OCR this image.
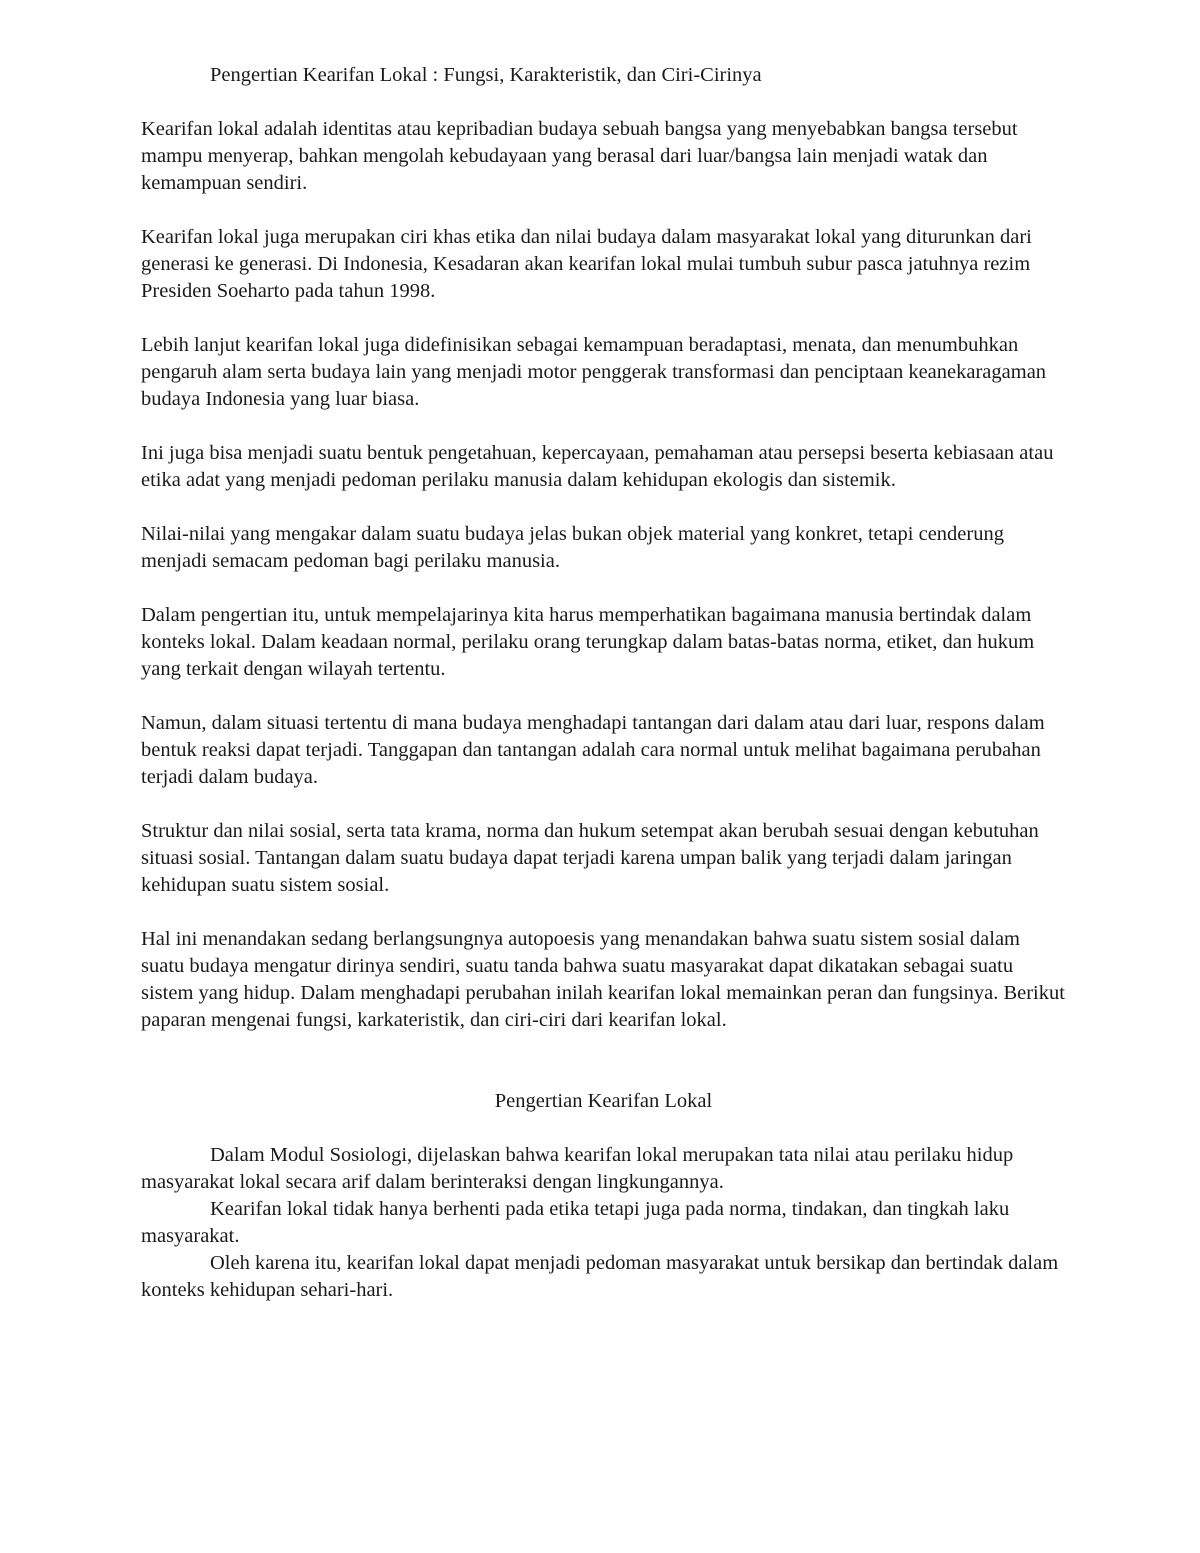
Pengertian Kearifan Lokal : Fungsi, Karakteristik, dan Ciri-Cirinya

Kearifan lokal adalah identitas atau kepribadian budaya sebuah bangsa yang menyebabkan bangsa tersebut mampu menyerap, bahkan mengolah kebudayaan yang berasal dari luar/bangsa lain menjadi watak dan kemampuan sendiri.

Kearifan lokal juga merupakan ciri khas etika dan nilai budaya dalam masyarakat lokal yang diturunkan dari generasi ke generasi. Di Indonesia, Kesadaran akan kearifan lokal mulai tumbuh subur pasca jatuhnya rezim Presiden Soeharto pada tahun 1998.

Lebih lanjut kearifan lokal juga didefinisikan sebagai kemampuan beradaptasi, menata, dan menumbuhkan pengaruh alam serta budaya lain yang menjadi motor penggerak transformasi dan penciptaan keanekaragaman budaya Indonesia yang luar biasa.

Ini juga bisa menjadi suatu bentuk pengetahuan, kepercayaan, pemahaman atau persepsi beserta kebiasaan atau etika adat yang menjadi pedoman perilaku manusia dalam kehidupan ekologis dan sistemik.

Nilai-nilai yang mengakar dalam suatu budaya jelas bukan objek material yang konkret, tetapi cenderung menjadi semacam pedoman bagi perilaku manusia.

Dalam pengertian itu, untuk mempelajarinya kita harus memperhatikan bagaimana manusia bertindak dalam konteks lokal. Dalam keadaan normal, perilaku orang terungkap dalam batas-batas norma, etiket, dan hukum yang terkait dengan wilayah tertentu.

Namun, dalam situasi tertentu di mana budaya menghadapi tantangan dari dalam atau dari luar, respons dalam bentuk reaksi dapat terjadi. Tanggapan dan tantangan adalah cara normal untuk melihat bagaimana perubahan terjadi dalam budaya.

Struktur dan nilai sosial, serta tata krama, norma dan hukum setempat akan berubah sesuai dengan kebutuhan situasi sosial. Tantangan dalam suatu budaya dapat terjadi karena umpan balik yang terjadi dalam jaringan kehidupan suatu sistem sosial.

Hal ini menandakan sedang berlangsungnya autopoesis yang menandakan bahwa suatu sistem sosial dalam suatu budaya mengatur dirinya sendiri, suatu tanda bahwa suatu masyarakat dapat dikatakan sebagai suatu sistem yang hidup. Dalam menghadapi perubahan inilah kearifan lokal memainkan peran dan fungsinya. Berikut paparan mengenai fungsi, karkateristik, dan ciri-ciri dari kearifan lokal.

Pengertian Kearifan Lokal

Dalam Modul Sosiologi, dijelaskan bahwa kearifan lokal merupakan tata nilai atau perilaku hidup masyarakat lokal secara arif dalam berinteraksi dengan lingkungannya.

Kearifan lokal tidak hanya berhenti pada etika tetapi juga pada norma, tindakan, dan tingkah laku masyarakat.

Oleh karena itu, kearifan lokal dapat menjadi pedoman masyarakat untuk bersikap dan bertindak dalam konteks kehidupan sehari-hari.
